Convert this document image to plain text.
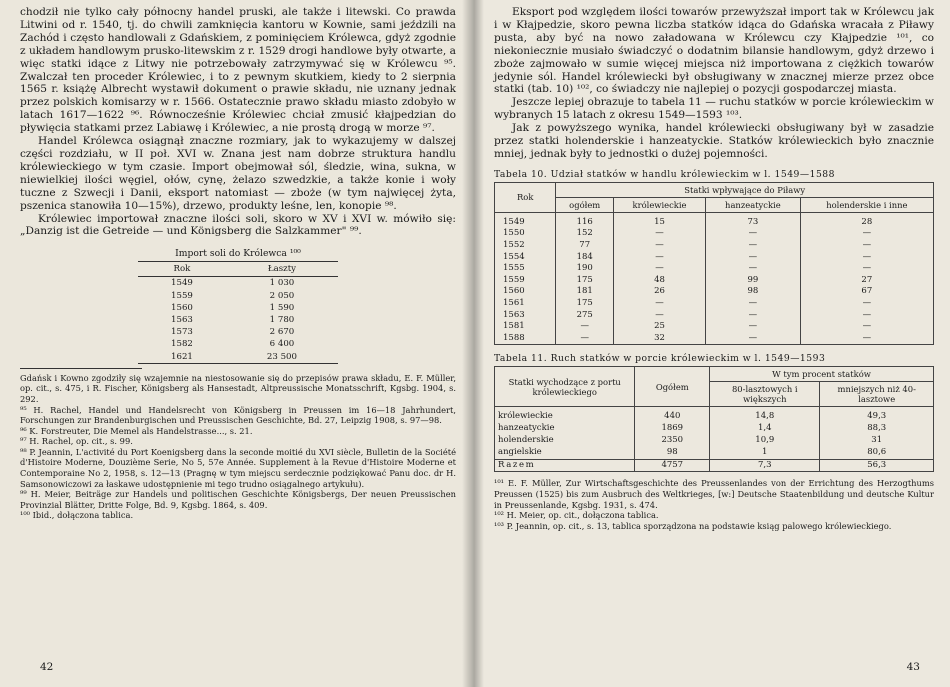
chodził nie tylko cały północny handel pruski, ale także i litewski. Co prawda Litwini od r. 1540, tj. do chwili zamknięcia kantoru w Kownie, sami jeździli na Zachód i często handlowali z Gdańskiem, z pominięciem Królewca, gdyż zgodnie z układem handlowym prusko-litewskim z r. 1529 drogi handlowe były otwarte, a więc statki idące z Litwy nie potrzebowały zatrzymywać się w Królewcu ⁹⁵. Zwalczał ten proceder Królewiec, i to z pewnym skutkiem, kiedy to 2 sierpnia 1565 r. książę Albrecht wystawił dokument o prawie składu, nie uznany jednak przez polskich komisarzy w r. 1566. Ostatecznie prawo składu miasto zdobyło w latach 1617—1622 ⁹⁶. Równocześnie Królewiec chciał zmusić kłajpedzian do pływięcia statkami przez Labiawę i Królewiec, a nie prostą drogą w morze ⁹⁷.

Handel Królewca osiągnął znaczne rozmiary, jak to wykazujemy w dalszej części rozdziału, w II poł. XVI w. Znana jest nam dobrze struktura handlu królewieckiego w tym czasie. Import obejmował sól, śledzie, wina, sukna, w niewielkiej ilości węgiel, ołów, cynę, żelazo szwedzkie, a także konie i woły tuczne z Szwecji i Danii, eksport natomiast — zboże (w tym najwięcej żyta, pszenica stanowiła 10—15%), drzewo, produkty leśne, len, konopie ⁹⁸.

Królewiec importował znaczne ilości soli, skoro w XV i XVI w. mówiło się: „Danzig ist die Getreide — und Königsberg die Salzkammer" ⁹⁹.

Import soli do Królewca ¹⁰⁰
Rok	Łaszty
1549	1 030
1559	2 050
1560	1 590
1563	1 780
1573	2 670
1582	6 400
1621	23 500

Gdańsk i Kowno zgodziły się wzajemnie na niestosowanie się do przepisów prawa składu, E. F. Müller, op. cit., s. 475, i R. Fischer, Königsberg als Hansestadt, Altpreussische Monatsschrift, Kgsbg. 1904, s. 292.

⁹⁵ H. Rachel, Handel und Handelsrecht von Königsberg in Preussen im 16—18 Jahrhundert, Forschungen zur Brandenburgischen und Preussischen Geschichte, Bd. 27, Leipzig 1908, s. 97—98.

⁹⁶ K. Forstreuter, Die Memel als Handelstrasse..., s. 21.

⁹⁷ H. Rachel, op. cit., s. 99.

⁹⁸ P. Jeannin, L'activité du Port Koenigsberg dans la seconde moitié du XVI siècle, Bulletin de la Société d'Histoire Moderne, Douzième Serie, No 5, 57e Année. Supplement à la Revue d'Histoire Moderne et Contemporaine No 2, 1958, s. 12—13 (Pragnę w tym miejscu serdecznie podziękować Panu doc. dr H. Samsonowiczowi za łaskawe udostępnienie mi tego trudno osiągalnego artykułu).

⁹⁹ H. Meier, Beiträge zur Handels und politischen Geschichte Königsbergs, Der neuen Preussischen Provinzial Blätter, Dritte Folge, Bd. 9, Kgsbg. 1864, s. 409.

¹⁰⁰ Ibid., dołączona tablica.

42

Eksport pod względem ilości towarów przewyższał import tak w Królewcu jak i w Kłajpedzie, skoro pewna liczba statków idąca do Gdańska wracała z Piławy pusta, aby być na nowo załadowana w Królewcu czy Kłajpedzie ¹⁰¹, co niekoniecznie musiało świadczyć o dodatnim bilansie handlowym, gdyż drzewo i zboże zajmowało w sumie więcej miejsca niż importowana z ciężkich towarów jedynie sól. Handel królewiecki był obsługiwany w znacznej mierze przez obce statki (tab. 10) ¹⁰², co świadczy nie najlepiej o pozycji gospodarczej miasta.

Jeszcze lepiej obrazuje to tabela 11 — ruchu statków w porcie królewieckim w wybranych 15 latach z okresu 1549—1593 ¹⁰³.

Jak z powyższego wynika, handel królewiecki obsługiwany był w zasadzie przez statki holenderskie i hanzeatyckie. Statków królewieckich było znacznie mniej, jednak były to jednostki o dużej pojemności.

Tabela 10. Udział statków w handlu królewieckim w l. 1549—1588
Rok	Statki wpływające do Piławy			
	ogółem	królewieckie	hanzeatyckie	holenderskie i inne
1549	116	15	73	28
1550	152	—	—	—
1552	77	—	—	—
1554	184	—	—	—
1555	190	—	—	—
1559	175	48	99	27
1560	181	26	98	67
1561	175	—	—	—
1563	275	—	—	—
1581	—	25	—	—
1588	—	32	—	—
Tabela 11. Ruch statków w porcie królewieckim w l. 1549—1593
Statki wychodzące z portu królewieckiego	Ogółem	W tym procent statków	
		80-lasztowych i większych	mniejszych niż 40-lasztowe
królewieckie	440	14,8	49,3
hanzeatyckie	1869	1,4	88,3
holenderskie	2350	10,9	31
angielskie	98	1	80,6
Razem	4757	7,3	56,3

¹⁰¹ E. F. Müller, Zur Wirtschaftsgeschichte des Preussenlandes von der Errichtung des Herzogthums Preussen (1525) bis zum Ausbruch des Weltkrieges, [w:] Deutsche Staatenbildung und deutsche Kultur in Preussenlande, Kgsbg. 1931, s. 474.

¹⁰² H. Meier, op. cit., dołączona tablica.

¹⁰³ P. Jeannin, op. cit., s. 13, tablica sporządzona na podstawie ksiąg palowego królewieckiego.

43
